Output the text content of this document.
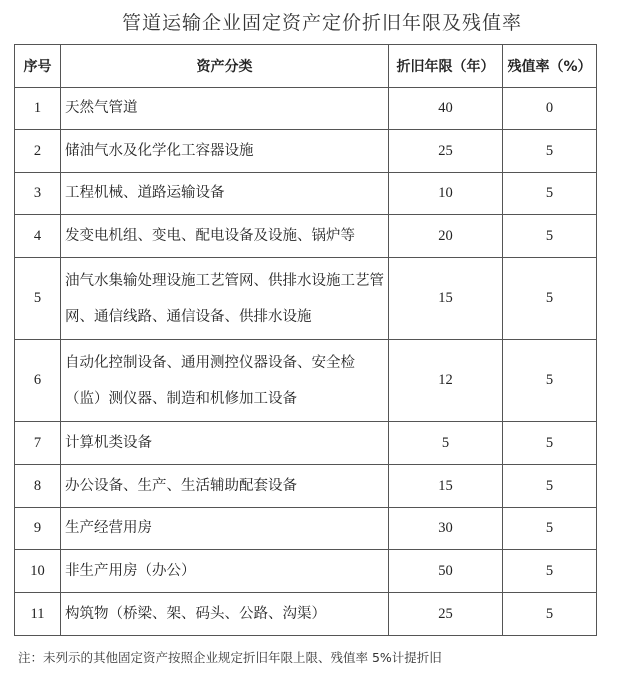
管道运输企业固定资产定价折旧年限及残值率
序号	资产分类	折旧年限（年）	残值率（%）
1	天然气管道	40	0
2	储油气水及化学化工容器设施	25	5
3	工程机械、道路运输设备	10	5
4	发变电机组、变电、配电设备及设施、锅炉等	20	5
5	油气水集输处理设施工艺管网、供排水设施工艺管网、通信线路、通信设备、供排水设施	15	5
6	自动化控制设备、通用测控仪器设备、安全检（监）测仪器、制造和机修加工设备	12	5
7	计算机类设备	5	5
8	办公设备、生产、生活辅助配套设备	15	5
9	生产经营用房	30	5
10	非生产用房（办公）	50	5
11	构筑物（桥梁、架、码头、公路、沟渠）	25	5
注：未列示的其他固定资产按照企业规定折旧年限上限、残值率 5%计提折旧
